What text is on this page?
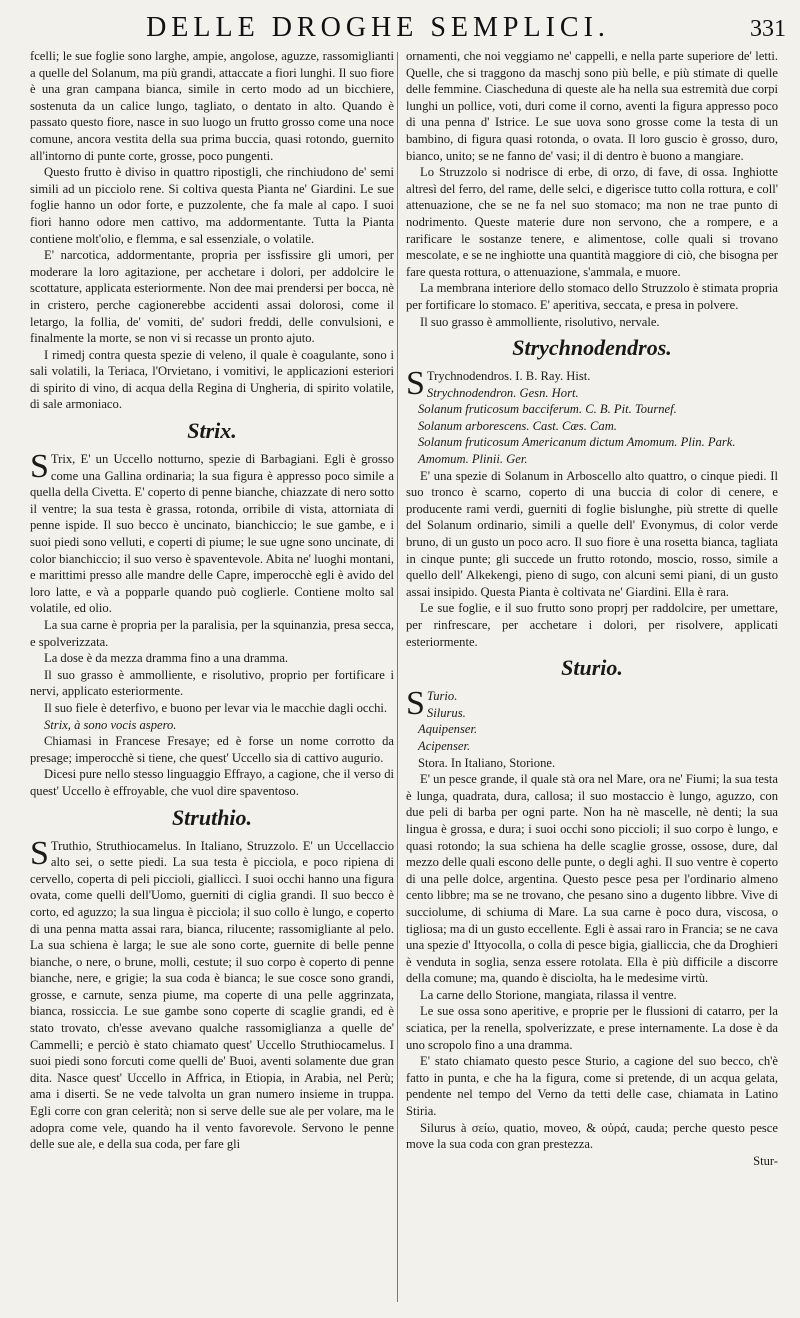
DELLE DROGHE SEMPLICI.	331

fcelli; le sue foglie sono larghe, ampie, angolose, aguzze, rassomiglianti a quelle del Solanum, ma più grandi, attaccate a fiori lunghi. Il suo fiore è una gran campana bianca, simile in certo modo ad un bicchiere, sostenuta da un calice lungo, tagliato, o dentato in alto. Quando è passato questo fiore, nasce in suo luogo un frutto grosso come una noce comune, ancora vestita della sua prima buccia, quasi rotondo, guernito all'intorno di punte corte, grosse, poco pungenti.

Questo frutto è diviso in quattro ripostigli, che rinchiudono de' semi simili ad un picciolo rene. Si coltiva questa Pianta ne' Giardini. Le sue foglie hanno un odor forte, e puzzolente, che fa male al capo. I suoi fiori hanno odore men cattivo, ma addormentante. Tutta la Pianta contiene molt'olio, e flemma, e sal essenziale, o volatile.

E' narcotica, addormentante, propria per issfissire gli umori, per moderare la loro agitazione, per acchetare i dolori, per addolcire le scottature, applicata esteriormente. Non dee mai prendersi per bocca, nè in cristero, perche cagionerebbe accidenti assai dolorosi, come il letargo, la follia, de' vomiti, de' sudori freddi, delle convulsioni, e finalmente la morte, se non vi si recasse un pronto ajuto.

I rimedj contra questa spezie di veleno, il quale è coagulante, sono i sali volatili, la Teriaca, l'Orvietano, i vomitivi, le applicazioni esteriori di spirito di vino, di acqua della Regina di Ungheria, di spirito volatile, di sale armoniaco.

Strix.

S Trix, E' un Uccello notturno, spezie di Barbagiani. Egli è grosso come una Gallina ordinaria; la sua figura è appresso poco simile a quella della Civetta. E' coperto di penne bianche, chiazzate di nero sotto il ventre; la sua testa è grassa, rotonda, orribile di vista, attorniata di penne ispide. Il suo becco è uncinato, bianchiccio; le sue gambe, e i suoi piedi sono velluti, e coperti di piume; le sue ugne sono uncinate, di color bianchiccio; il suo verso è spaventevole. Abita ne' luoghi montani, e marittimi presso alle mandre delle Capre, imperocchè egli è avido del loro latte, e và a popparle quando può coglierle. Contiene molto sal volatile, ed olio.

La sua carne è propria per la paralisia, per la squinanzia, presa secca, e spolverizzata.

La dose è da mezza dramma fino a una dramma.

Il suo grasso è ammolliente, e risolutivo, proprio per fortificare i nervi, applicato esteriormente.

Il suo fiele è deterfivo, e buono per levar via le macchie dagli occhi.

Strix, à sono vocis aspero.

Chiamasi in Francese Fresaye; ed è forse un nome corrotto da presage; imperocchè si tiene, che quest' Uccello sia di cattivo augurio.

Dicesi pure nello stesso linguaggio Effrayo, a cagione, che il verso di quest' Uccello è effroyable, che vuol dire spaventoso.

Struthio.

S Truthio, Struthiocamelus. In Italiano, Struzzolo. E' un Uccellaccio alto sei, o sette piedi. La sua testa è picciola, e poco ripiena di cervello, coperta di peli piccioli, gialliccì. I suoi occhi hanno una figura ovata, come quelli dell'Uomo, guerniti di ciglia grandi. Il suo becco è corto, ed aguzzo; la sua lingua è picciola; il suo collo è lungo, e coperto di una penna matta assai rara, bianca, rilucente; rassomigliante al pelo. La sua schiena è larga; le sue ale sono corte, guernite di belle penne bianche, o nere, o brune, molli, cestute; il suo corpo è coperto di penne bianche, nere, e grigie; la sua coda è bianca; le sue cosce sono grandi, grosse, e carnute, senza piume, ma coperte di una pelle aggrinzata, bianca, rossiccia. Le sue gambe sono coperte di scaglie grandi, ed è stato trovato, ch'esse avevano qualche rassomiglianza a quelle de' Cammelli; e perciò è stato chiamato quest' Uccello Struthiocamelus. I suoi piedi sono forcuti come quelli de' Buoi, aventi solamente due gran dita. Nasce quest' Uccello in Affrica, in Etiopia, in Arabia, nel Perù; ama i diserti. Se ne vede talvolta un gran numero insieme in truppa. Egli corre con gran celerità; non si serve delle sue ale per volare, ma le adopra come vele, quando ha il vento favorevole. Servono le penne delle sue ale, e della sua coda, per fare gli

ornamenti, che noi veggiamo ne' cappelli, e nella parte superiore de' letti. Quelle, che si traggono da maschj sono più belle, e più stimate di quelle delle femmine. Ciascheduna di queste ale ha nella sua estremità due corpi lunghi un pollice, voti, duri come il corno, aventi la figura appresso poco di una penna d' Istrice. Le sue uova sono grosse come la testa di un bambino, di figura quasi rotonda, o ovata. Il loro guscio è grosso, duro, bianco, unito; se ne fanno de' vasi; il di dentro è buono a mangiare.

Lo Struzzolo si nodrisce di erbe, di orzo, di fave, di ossa. Inghiotte altresì del ferro, del rame, delle selci, e digerisce tutto colla rottura, e coll' attenuazione, che se ne fa nel suo stomaco; ma non ne trae punto di nodrimento. Queste materie dure non servono, che a rompere, e a rarificare le sostanze tenere, e alimentose, colle quali si trovano mescolate, e se ne inghiotte una quantità maggiore di ciò, che bisogna per fare questa rottura, o attenuazione, s'ammala, e muore.

La membrana interiore dello stomaco dello Struzzolo è stimata propria per fortificare lo stomaco. E' aperitiva, seccata, e presa in polvere.

Il suo grasso è ammolliente, risolutivo, nervale.

Strychnodendros.

S Trychnodendros. I. B. Ray. Hist.

Strychnodendron. Gesn. Hort.

Solanum fruticosum bacciferum. C. B. Pit. Tournef.

Solanum arborescens. Cast. Cæs. Cam.

Solanum fruticosum Americanum dictum Amomum. Plin. Park.

Amomum. Plinii. Ger.

E' una spezie di Solanum in Arboscello alto quattro, o cinque piedi. Il suo tronco è scarno, coperto di una buccia di color di cenere, e producente rami verdi, guerniti di foglie bislunghe, più strette di quelle del Solanum ordinario, simili a quelle dell' Evonymus, di color verde bruno, di un gusto un poco acro. Il suo fiore è una rosetta bianca, tagliata in cinque punte; gli succede un frutto rotondo, moscio, rosso, simile a quello dell' Alkekengi, pieno di sugo, con alcuni semi piani, di un gusto assai insipido. Questa Pianta è coltivata ne' Giardini. Ella è rara.

Le sue foglie, e il suo frutto sono proprj per raddolcire, per umettare, per rinfrescare, per acchetare i dolori, per risolvere, applicati esteriormente.

Sturio.

S Turio.

Silurus.

Aquipenser.

Acipenser.

Stora. In Italiano, Storione.

E' un pesce grande, il quale stà ora nel Mare, ora ne' Fiumi; la sua testa è lunga, quadrata, dura, callosa; il suo mostaccio è lungo, aguzzo, con due peli di barba per ogni parte. Non ha nè mascelle, nè denti; la sua lingua è grossa, e dura; i suoi occhi sono piccioli; il suo corpo è lungo, e quasi rotondo; la sua schiena ha delle scaglie grosse, ossose, dure, dal mezzo delle quali escono delle punte, o degli aghi. Il suo ventre è coperto di una pelle dolce, argentina. Questo pesce pesa per l'ordinario almeno cento libbre; ma se ne trovano, che pesano sino a dugento libbre. Vive di succiolume, di schiuma di Mare. La sua carne è poco dura, viscosa, o tigliosa; ma di un gusto eccellente. Egli è assai raro in Francia; se ne cava una spezie d' Ittyocolla, o colla di pesce bigia, gialliccia, che da Droghieri è venduta in soglia, senza essere rotolata. Ella è più difficile a discorre della comune; ma, quando è disciolta, ha le medesime virtù.

La carne dello Storione, mangiata, rilassa il ventre.

Le sue ossa sono aperitive, e proprie per le flussioni di catarro, per la sciatica, per la renella, spolverizzate, e prese internamente. La dose è da uno scropolo fino a una dramma.

E' stato chiamato questo pesce Sturio, a cagione del suo becco, ch'è fatto in punta, e che ha la figura, come si pretende, di un acqua gelata, pendente nel tempo del Verno da tetti delle case, chiamata in Latino Stiria.

Silurus à σείω, quatio, moveo, & οὐρά, cauda; perche questo pesce move la sua coda con gran prestezza.

Stur-
